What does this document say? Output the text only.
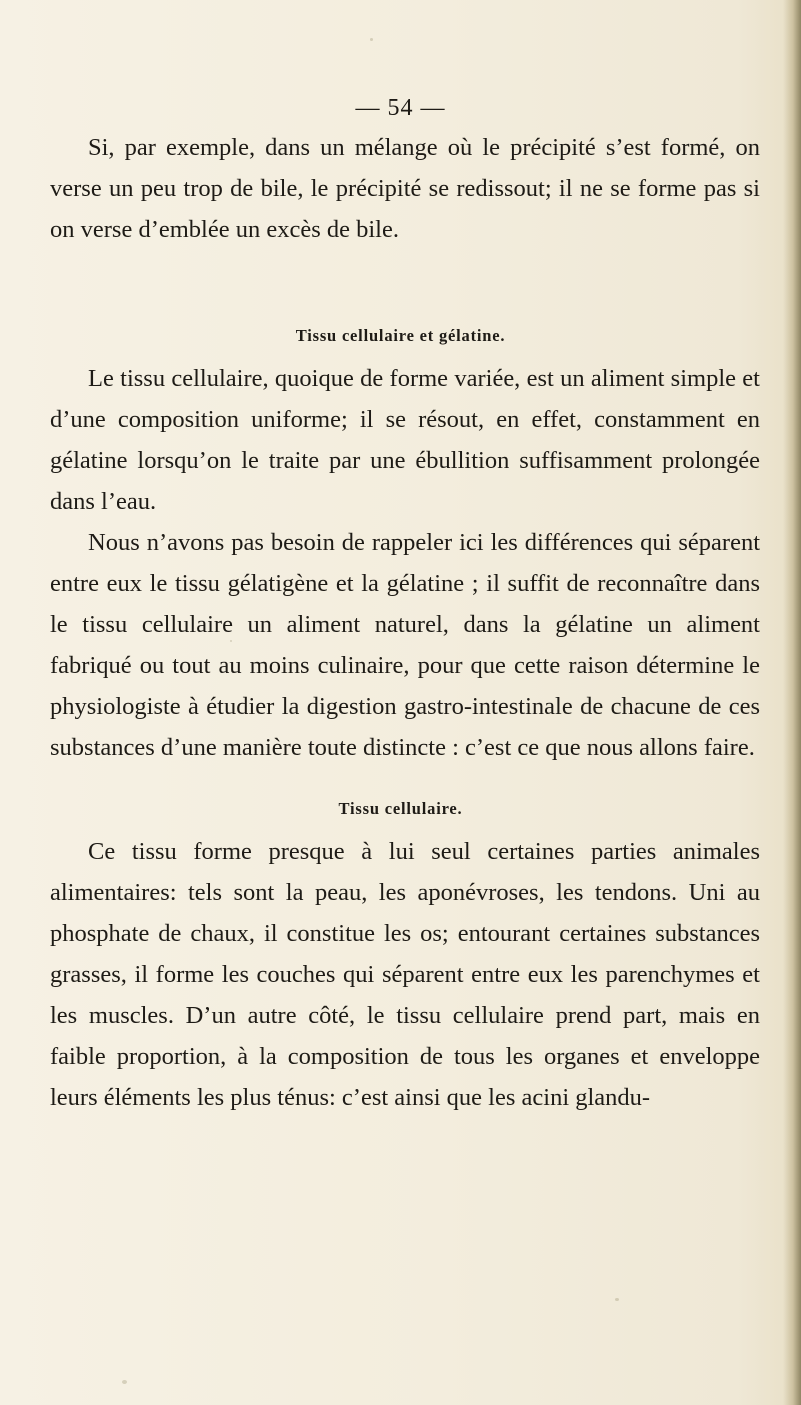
— 54 —

Si, par exemple, dans un mélange où le précipité s’est formé, on verse un peu trop de bile, le précipité se redissout; il ne se forme pas si on verse d’emblée un excès de bile.

Tissu cellulaire et gélatine.

Le tissu cellulaire, quoique de forme variée, est un aliment simple et d’une composition uniforme; il se résout, en effet, constamment en gélatine lorsqu’on le traite par une ébullition suffisamment prolongée dans l’eau.

Nous n’avons pas besoin de rappeler ici les différences qui séparent entre eux le tissu gélatigène et la gélatine ; il suffit de reconnaître dans le tissu cellulaire un aliment naturel, dans la gélatine un aliment fabriqué ou tout au moins culinaire, pour que cette raison détermine le physiologiste à étudier la digestion gastro-intestinale de chacune de ces substances d’une manière toute distincte : c’est ce que nous allons faire.

Tissu cellulaire.

Ce tissu forme presque à lui seul certaines parties animales alimentaires: tels sont la peau, les aponévroses, les tendons. Uni au phosphate de chaux, il constitue les os; entourant certaines substances grasses, il forme les couches qui séparent entre eux les parenchymes et les muscles. D’un autre côté, le tissu cellulaire prend part, mais en faible proportion, à la composition de tous les organes et enveloppe leurs éléments les plus ténus: c’est ainsi que les acini glandu-
